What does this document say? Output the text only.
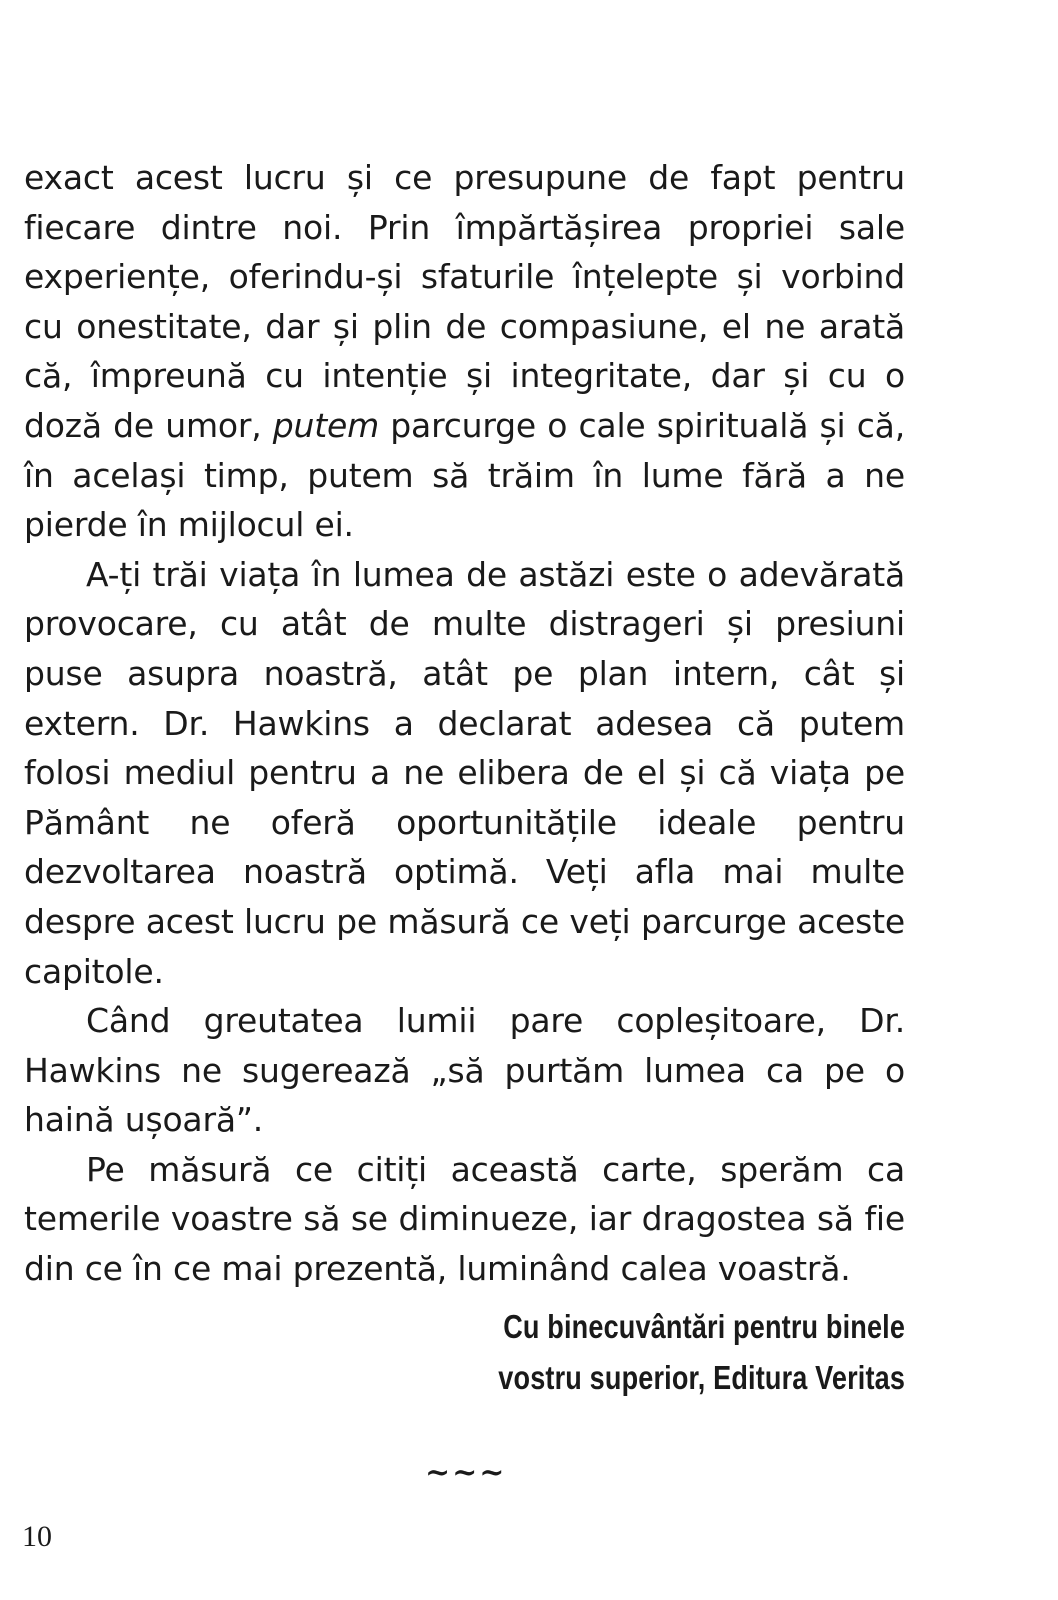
exact acest lucru și ce presupune de fapt pentru fiecare dintre noi. Prin împărtășirea propriei sale experiențe, oferindu-și sfaturile înțelepte și vorbind cu onestitate, dar și plin de compasiune, el ne arată că, împreună cu intenție și integritate, dar și cu o doză de umor, putem parcurge o cale spirituală și că, în același timp, putem să trăim în lume fără a ne pierde în mijlocul ei.

A-ți trăi viața în lumea de astăzi este o adevărată provocare, cu atât de multe distrageri și presiuni puse asupra noastră, atât pe plan intern, cât și extern. Dr. Hawkins a declarat adesea că putem folosi mediul pentru a ne elibera de el și că viața pe Pământ ne oferă oportunitățile ideale pentru dezvoltarea noastră optimă. Veți afla mai multe despre acest lucru pe măsură ce veți parcurge aceste capitole.

Când greutatea lumii pare copleșitoare, Dr. Hawkins ne sugerează „să purtăm lumea ca pe o haină ușoară”.

Pe măsură ce citiți această carte, sperăm ca temerile voastre să se diminueze, iar dragostea să fie din ce în ce mai prezentă, luminând calea voastră.

Cu binecuvântări pentru binele
vostru superior, Editura Veritas
~~~
10
